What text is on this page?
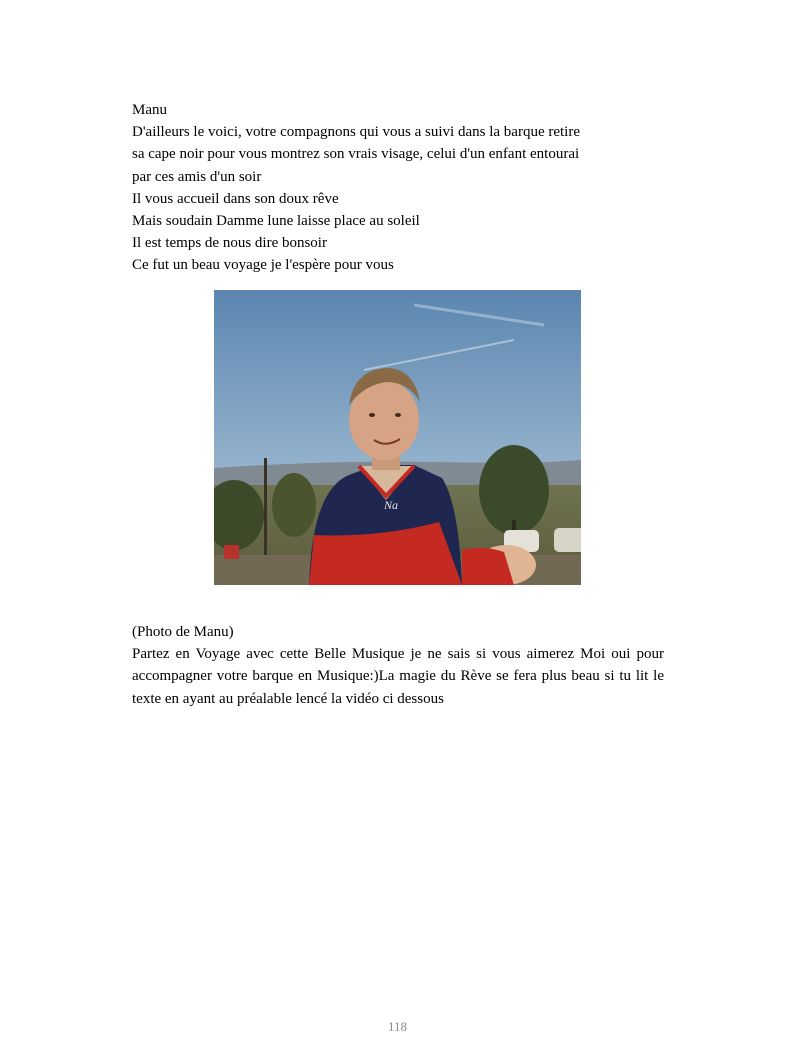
Manu
D'ailleurs le voici, votre compagnons qui vous a suivi dans la barque retire
sa cape noir pour vous montrez son vrais visage, celui d'un enfant entourai
par ces amis d'un soir
Il vous accueil dans son doux rêve
Mais soudain Damme lune laisse place au soleil
Il est temps de nous dire bonsoir
Ce fut un beau voyage je l'espère pour vous
Na
(Photo de Manu)
Partez en Voyage avec cette Belle Musique je ne sais si vous aimerez Moi oui pour accompagner votre barque en Musique:)La magie du Rève se fera plus beau si tu lit le texte en ayant au préalable lencé la vidéo ci dessous
118
